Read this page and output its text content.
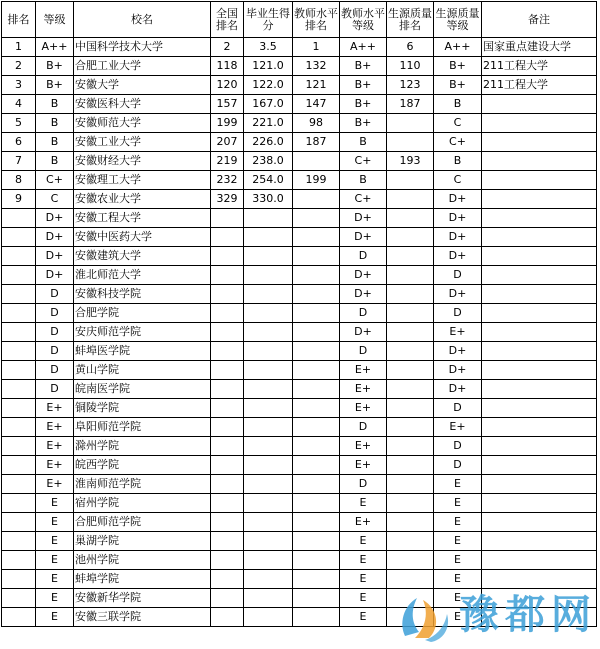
排名	等级	校名	全国排名	毕业生得分	教师水平排名	教师水平等级	生源质量排名	生源质量等级	备注
1	A++	中国科学技术大学	2	3.5	1	A++	6	A++	国家重点建设大学
2	B+	合肥工业大学	118	121.0	132	B+	110	B+	211工程大学
3	B+	安徽大学	120	122.0	121	B+	123	B+	211工程大学
4	B	安徽医科大学	157	167.0	147	B+	187	B	
5	B	安徽师范大学	199	221.0	98	B+		C	
6	B	安徽工业大学	207	226.0	187	B		C+	
7	B	安徽财经大学	219	238.0		C+	193	B	
8	C+	安徽理工大学	232	254.0	199	B		C	
9	C	安徽农业大学	329	330.0		C+		D+	
	D+	安徽工程大学				D+		D+	
	D+	安徽中医药大学				D+		D+	
	D+	安徽建筑大学				D		D+	
	D+	淮北师范大学				D+		D	
	D	安徽科技学院				D+		D+	
	D	合肥学院				D		D	
	D	安庆师范学院				D+		E+	
	D	蚌埠医学院				D		D+	
	D	黄山学院				E+		D+	
	D	皖南医学院				E+		D+	
	E+	铜陵学院				E+		D	
	E+	阜阳师范学院				D		E+	
	E+	滁州学院				E+		D	
	E+	皖西学院				E+		D	
	E+	淮南师范学院				D		E	
	E	宿州学院				E		E	
	E	合肥师范学院				E+		E	
	E	巢湖学院				E		E	
	E	池州学院				E		E	
	E	蚌埠学院				E		E	
	E	安徽新华学院				E		E	
	E	安徽三联学院				E		E	
豫都网
